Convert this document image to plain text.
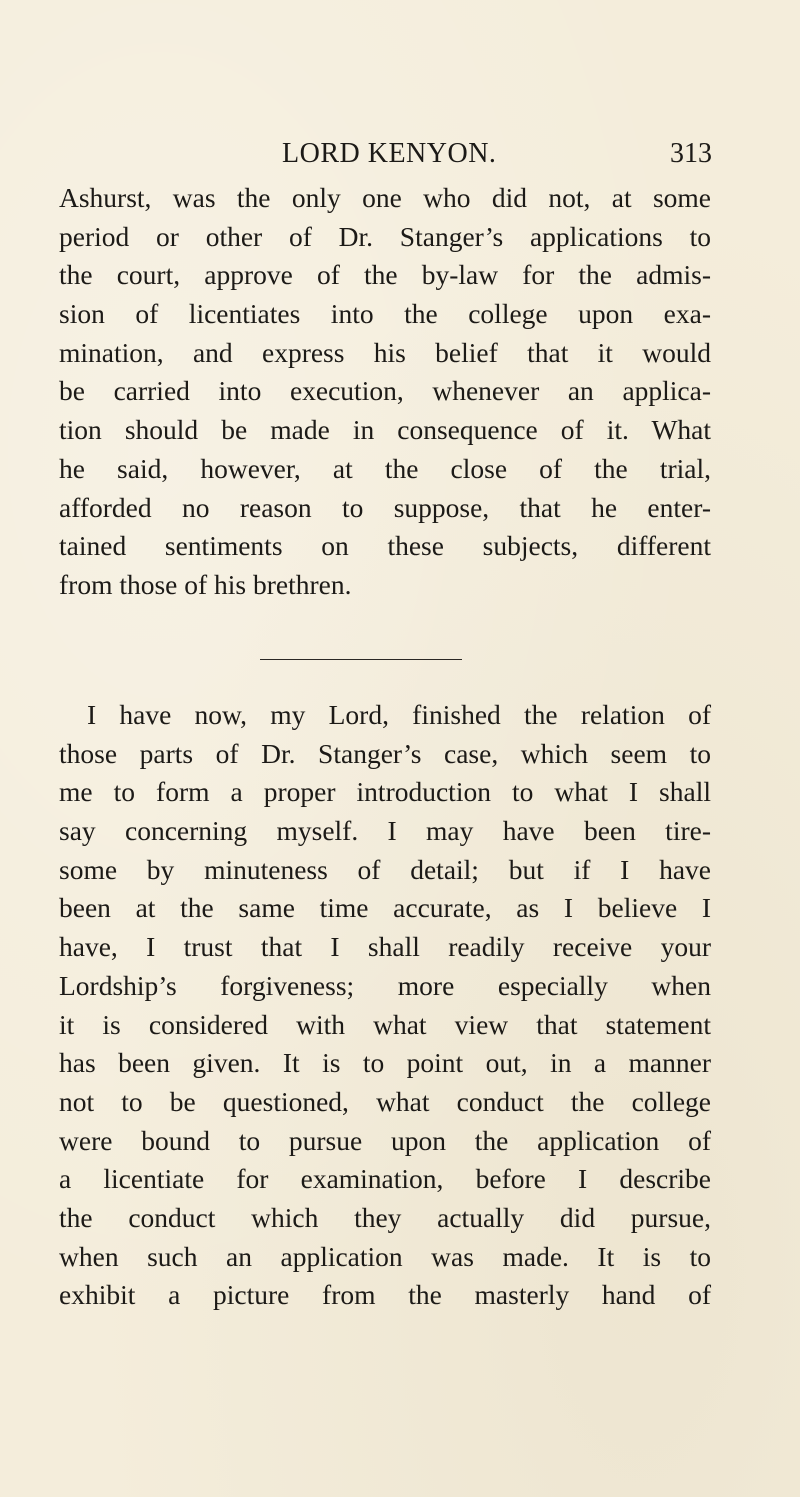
LORD KENYON.	313
Ashurst, was the only one who did not, at some
period or other of Dr. Stanger’s applications to
the court, approve of the by-law for the admis-
sion of licentiates into the college upon exa-
mination, and express his belief that it would
be carried into execution, whenever an applica-
tion should be made in consequence of it. What
he said, however, at the close of the trial,
afforded no reason to suppose, that he enter-
tained sentiments on these subjects, different
from those of his brethren.
I have now, my Lord, finished the relation of
those parts of Dr. Stanger’s case, which seem to
me to form a proper introduction to what I shall
say concerning myself. I may have been tire-
some by minuteness of detail; but if I have
been at the same time accurate, as I believe I
have, I trust that I shall readily receive your
Lordship’s forgiveness; more especially when
it is considered with what view that statement
has been given. It is to point out, in a manner
not to be questioned, what conduct the college
were bound to pursue upon the application of
a licentiate for examination, before I describe
the conduct which they actually did pursue,
when such an application was made. It is to
exhibit a picture from the masterly hand of
